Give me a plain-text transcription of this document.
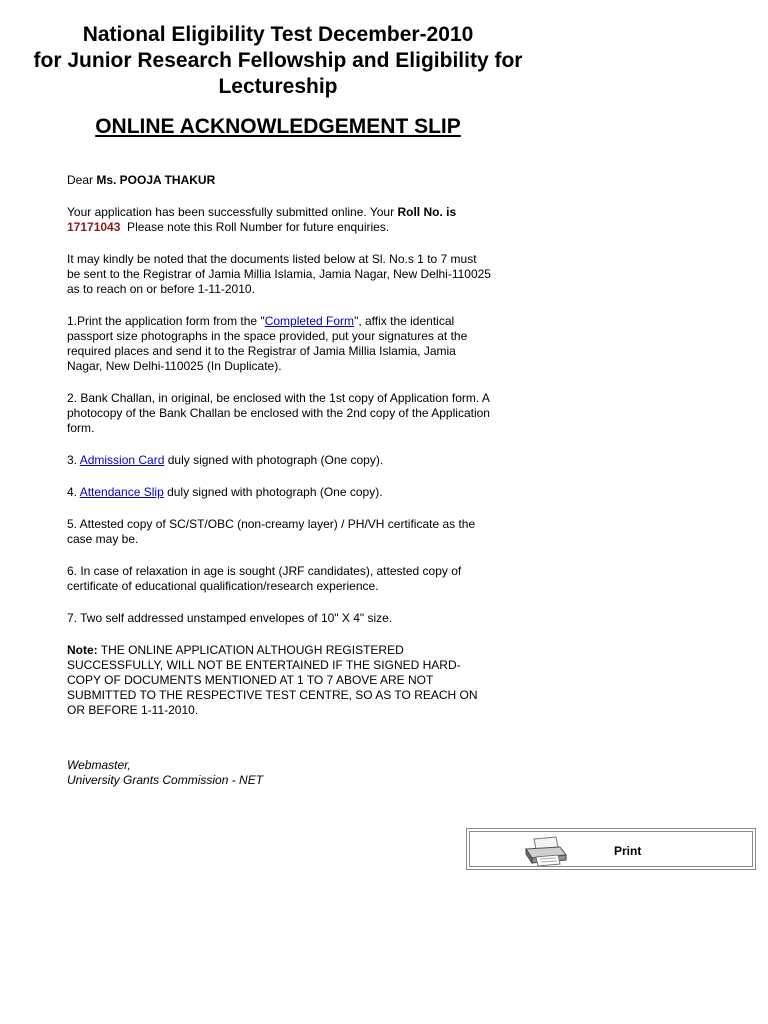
National Eligibility Test December-2010
for Junior Research Fellowship and Eligibility for
Lectureship
ONLINE ACKNOWLEDGEMENT SLIP

Dear Ms. POOJA THAKUR

Your application has been successfully submitted online. Your Roll No. is
17171043  Please note this Roll Number for future enquiries.

It may kindly be noted that the documents listed below at Sl. No.s 1 to 7 must be sent to the Registrar of Jamia Millia Islamia, Jamia Nagar, New Delhi-110025 as to reach on or before 1-11-2010.

1.Print the application form from the "Completed Form", affix the identical passport size photographs in the space provided, put your signatures at the required places and send it to the Registrar of Jamia Millia Islamia, Jamia Nagar, New Delhi-110025 (In Duplicate).

2. Bank Challan, in original, be enclosed with the 1st copy of Application form. A photocopy of the Bank Challan be enclosed with the 2nd copy of the Application form.

3. Admission Card duly signed with photograph (One copy).

4. Attendance Slip duly signed with photograph (One copy).

5. Attested copy of SC/ST/OBC (non-creamy layer) / PH/VH certificate as the case may be.

6. In case of relaxation in age is sought (JRF candidates), attested copy of certificate of educational qualification/research experience.

7. Two self addressed unstamped envelopes of 10" X 4" size.

Note: THE ONLINE APPLICATION ALTHOUGH REGISTERED SUCCESSFULLY, WILL NOT BE ENTERTAINED IF THE SIGNED HARD-COPY OF DOCUMENTS MENTIONED AT 1 TO 7 ABOVE ARE NOT SUBMITTED TO THE RESPECTIVE TEST CENTRE, SO AS TO REACH ON OR BEFORE 1-11-2010.

Webmaster,
University Grants Commission - NET

Print
